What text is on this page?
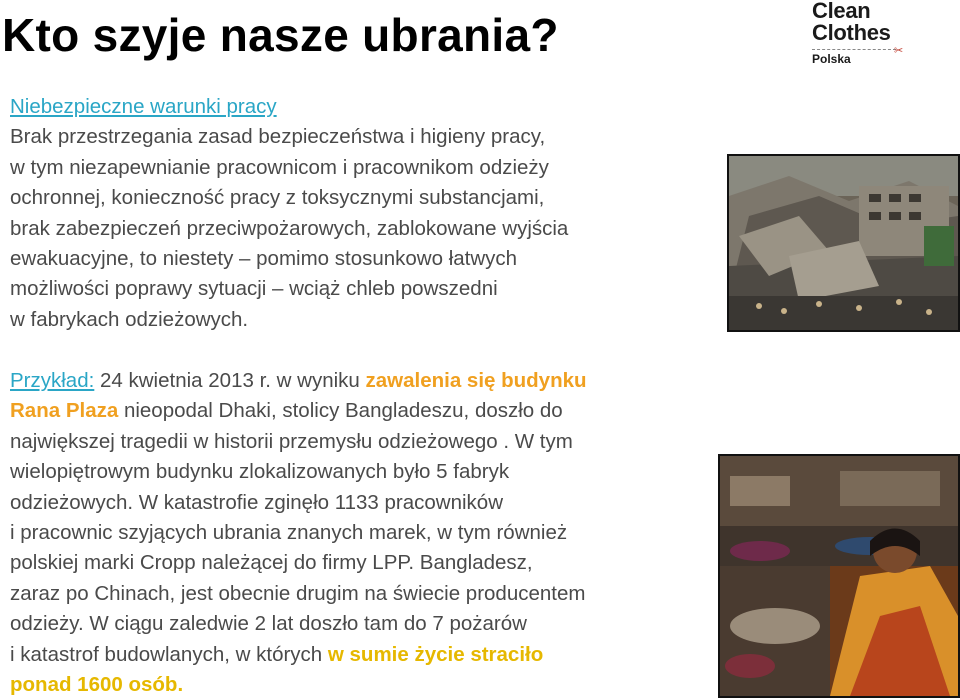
Kto szyje nasze ubrania?	Clean
Clothes
✂
Polska
Niebezpieczne warunki pracy
Brak przestrzegania zasad bezpieczeństwa i higieny pracy,
w tym niezapewnianie pracownicom i pracownikom odzieży
ochronnej, konieczność pracy z toksycznymi substancjami,
brak zabezpieczeń przeciwpożarowych, zablokowane wyjścia
ewakuacyjne, to niestety – pomimo stosunkowo łatwych
możliwości poprawy sytuacji – wciąż chleb powszedni
w fabrykach odzieżowych.
Przykład: 24 kwietnia 2013 r. w wyniku zawalenia się budynku
Rana Plaza nieopodal Dhaki, stolicy Bangladeszu, doszło do
największej tragedii w historii przemysłu odzieżowego . W tym
wielopiętrowym budynku zlokalizowanych było 5 fabryk
odzieżowych. W katastrofie zginęło 1133 pracowników
i pracownic szyjących ubrania znanych marek, w tym również
polskiej marki Cropp należącej do firmy LPP. Bangladesz,
zaraz po Chinach, jest obecnie drugim na świecie producentem
odzieży. W ciągu zaledwie 2 lat doszło tam do 7 pożarów
i katastrof budowlanych, w których w sumie życie straciło
ponad 1600 osób.
